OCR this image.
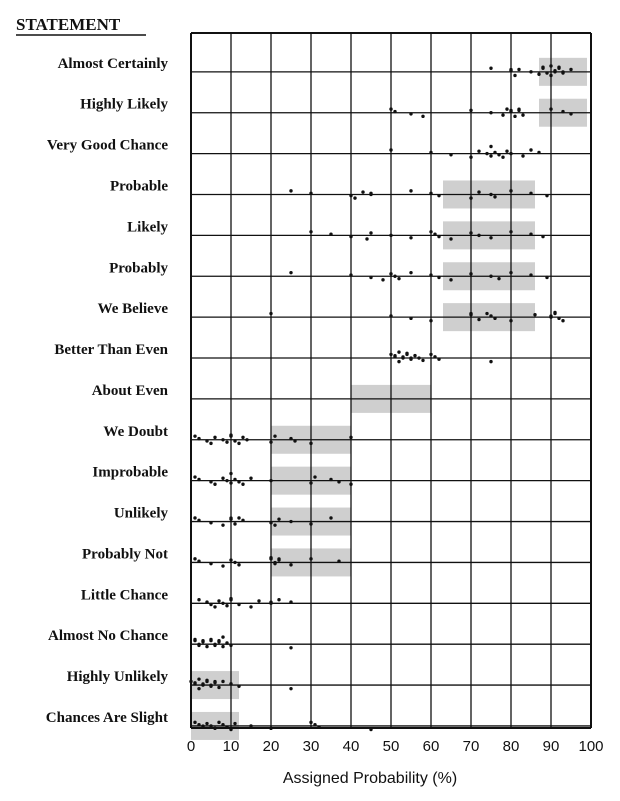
STATEMENT
Almost Certainly
Highly Likely
Very Good Chance
Probable
Likely
Probably
We Believe
Better Than Even
About Even
We Doubt
Improbable
Unlikely
Probably Not
Little Chance
Almost No Chance
Highly Unlikely
Chances Are Slight
0 10 20 30 40 50 60 70 80 90 100
Assigned Probability (%)
